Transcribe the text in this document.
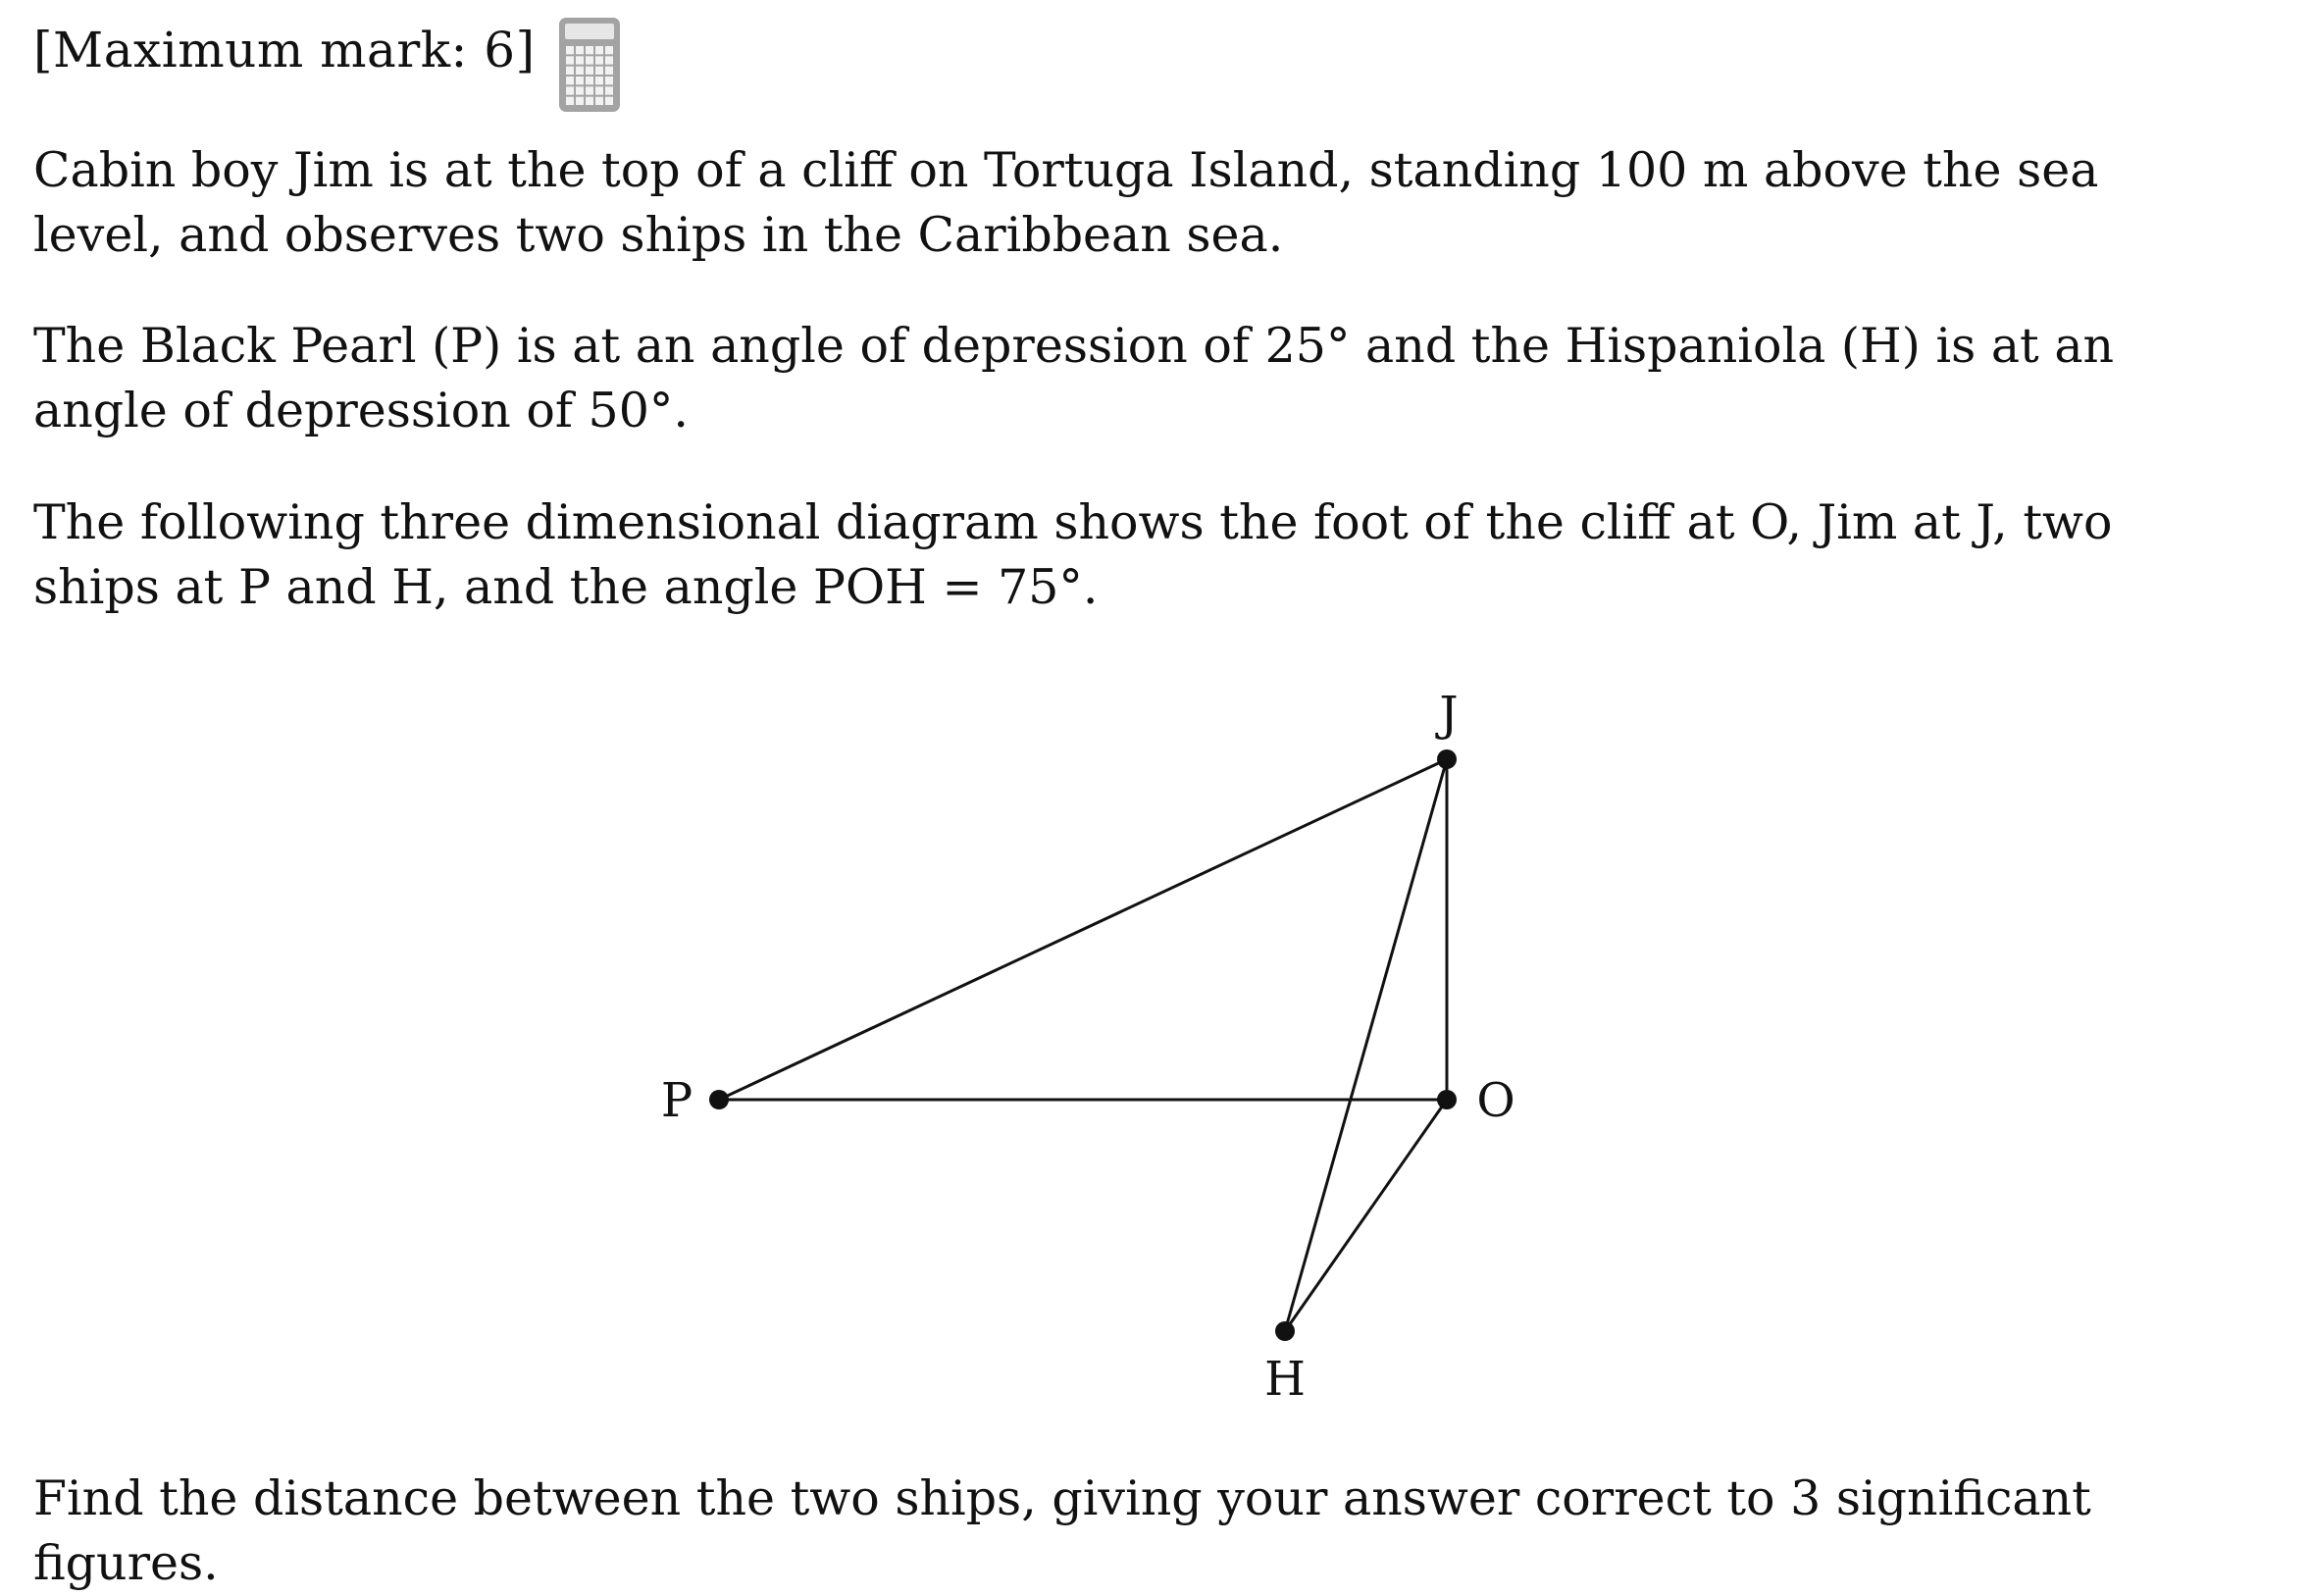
[Maximum mark: 6]

Cabin boy Jim is at the top of a cliff on Tortuga Island, standing 100 m above the sea level, and observes two ships in the Caribbean sea.

The Black Pearl (P) is at an angle of depression of 25° and the Hispaniola (H) is at an angle of depression of 50°.

The following three dimensional diagram shows the foot of the cliff at O, Jim at J, two ships at P and H, and the angle POH = 75°.

J
P	O
H

Find the distance between the two ships, giving your answer correct to 3 significant figures.
